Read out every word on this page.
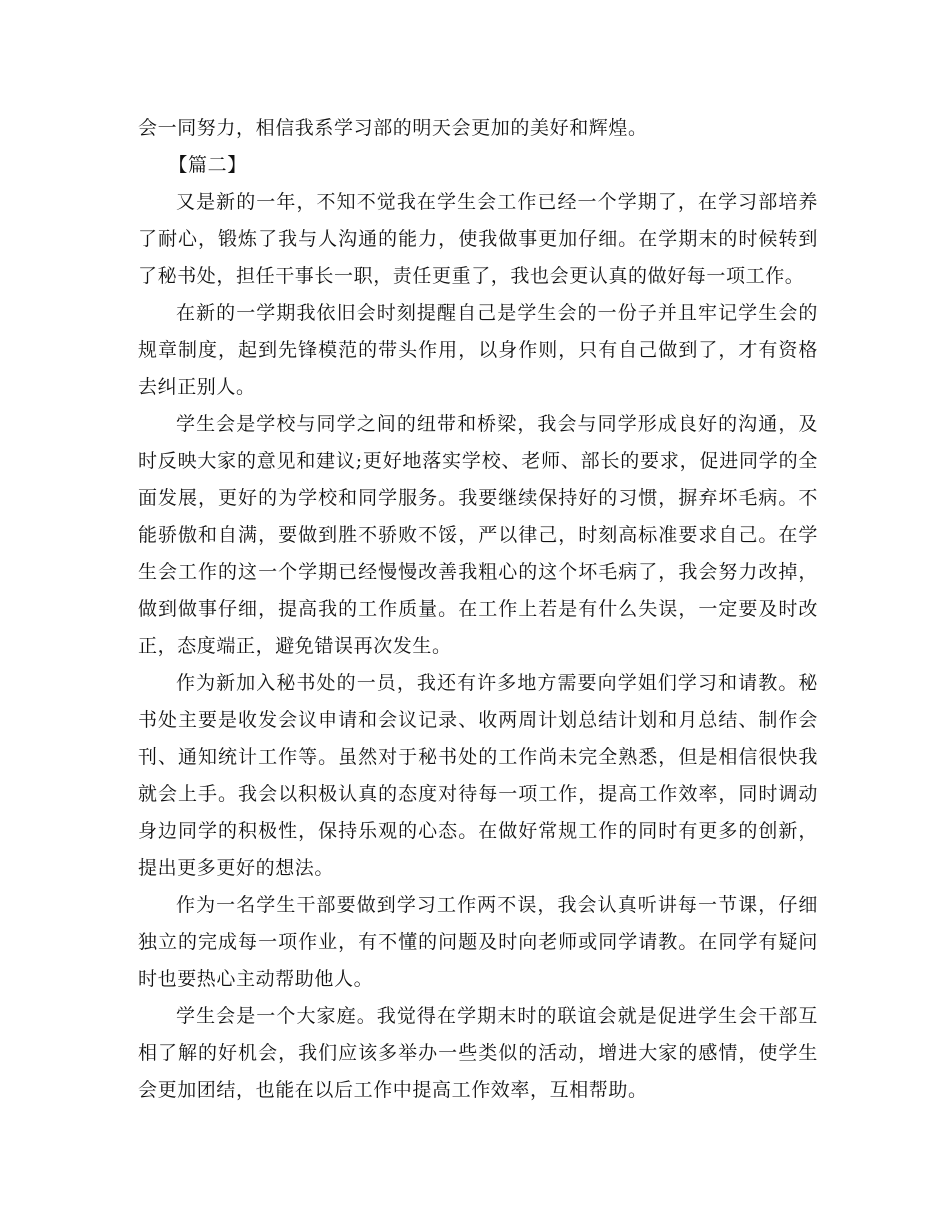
会一同努力，相信我系学习部的明天会更加的美好和辉煌。

【篇二】

又是新的一年，不知不觉我在学生会工作已经一个学期了，在学习部培养了耐心，锻炼了我与人沟通的能力，使我做事更加仔细。在学期末的时候转到了秘书处，担任干事长一职，责任更重了，我也会更认真的做好每一项工作。

在新的一学期我依旧会时刻提醒自己是学生会的一份子并且牢记学生会的规章制度，起到先锋模范的带头作用，以身作则，只有自己做到了，才有资格去纠正别人。

学生会是学校与同学之间的纽带和桥梁，我会与同学形成良好的沟通，及时反映大家的意见和建议;更好地落实学校、老师、部长的要求，促进同学的全面发展，更好的为学校和同学服务。我要继续保持好的习惯，摒弃坏毛病。不能骄傲和自满，要做到胜不骄败不馁，严以律己，时刻高标准要求自己。在学生会工作的这一个学期已经慢慢改善我粗心的这个坏毛病了，我会努力改掉，做到做事仔细，提高我的工作质量。在工作上若是有什么失误，一定要及时改正，态度端正，避免错误再次发生。

作为新加入秘书处的一员，我还有许多地方需要向学姐们学习和请教。秘书处主要是收发会议申请和会议记录、收两周计划总结计划和月总结、制作会刊、通知统计工作等。虽然对于秘书处的工作尚未完全熟悉，但是相信很快我就会上手。我会以积极认真的态度对待每一项工作，提高工作效率，同时调动身边同学的积极性，保持乐观的心态。在做好常规工作的同时有更多的创新，提出更多更好的想法。

作为一名学生干部要做到学习工作两不误，我会认真听讲每一节课，仔细独立的完成每一项作业，有不懂的问题及时向老师或同学请教。在同学有疑问时也要热心主动帮助他人。

学生会是一个大家庭。我觉得在学期末时的联谊会就是促进学生会干部互相了解的好机会，我们应该多举办一些类似的活动，增进大家的感情，使学生会更加团结，也能在以后工作中提高工作效率，互相帮助。
